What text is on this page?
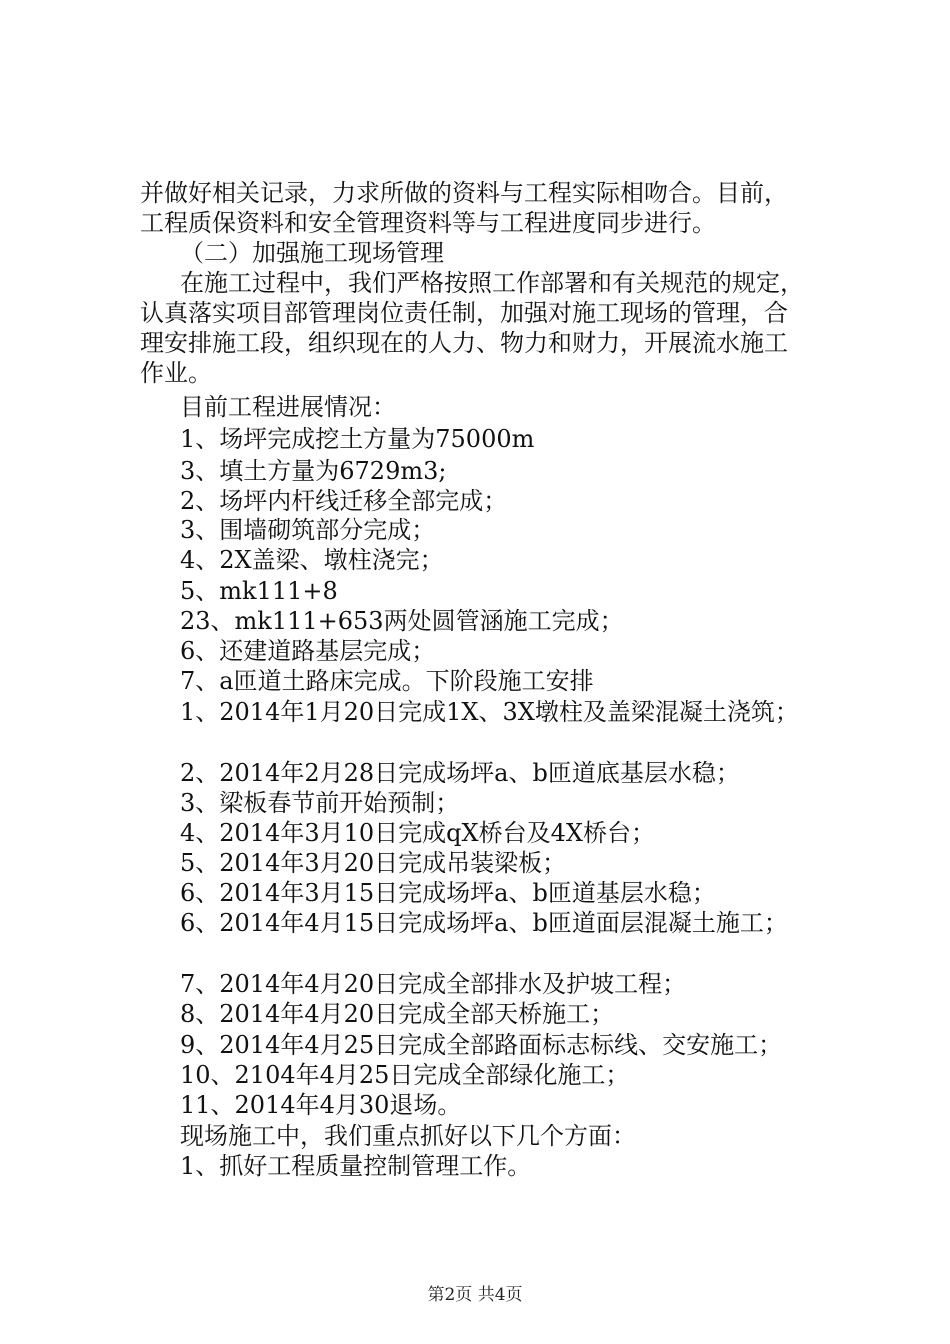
并做好相关记录，力求所做的资料与工程实际相吻合。目前，
工程质保资料和安全管理资料等与工程进度同步进行。
（二）加强施工现场管理
在施工过程中，我们严格按照工作部署和有关规范的规定，
认真落实项目部管理岗位责任制，加强对施工现场的管理，合
理安排施工段，组织现在的人力、物力和财力，开展流水施工
作业。
目前工程进展情况：
1、场坪完成挖土方量为75000m
3、填土方量为6729m3;
2、场坪内杆线迁移全部完成；
3、围墙砌筑部分完成；
4、2X盖梁、墩柱浇完；
5、mk111+8
23、mk111+653两处圆管涵施工完成；
6、还建道路基层完成；
7、a匝道土路床完成。下阶段施工安排
1、2014年1月20日完成1X、3X墩柱及盖梁混凝土浇筑；
2、2014年2月28日完成场坪a、b匝道底基层水稳；
3、梁板春节前开始预制；
4、2014年3月10日完成qX桥台及4X桥台；
5、2014年3月20日完成吊装梁板；
6、2014年3月15日完成场坪a、b匝道基层水稳；
6、2014年4月15日完成场坪a、b匝道面层混凝土施工；
7、2014年4月20日完成全部排水及护坡工程；
8、2014年4月20日完成全部天桥施工；
9、2014年4月25日完成全部路面标志标线、交安施工；
10、2104年4月25日完成全部绿化施工；
11、2014年4月30退场。
现场施工中，我们重点抓好以下几个方面：
1、抓好工程质量控制管理工作。
第2页 共4页
